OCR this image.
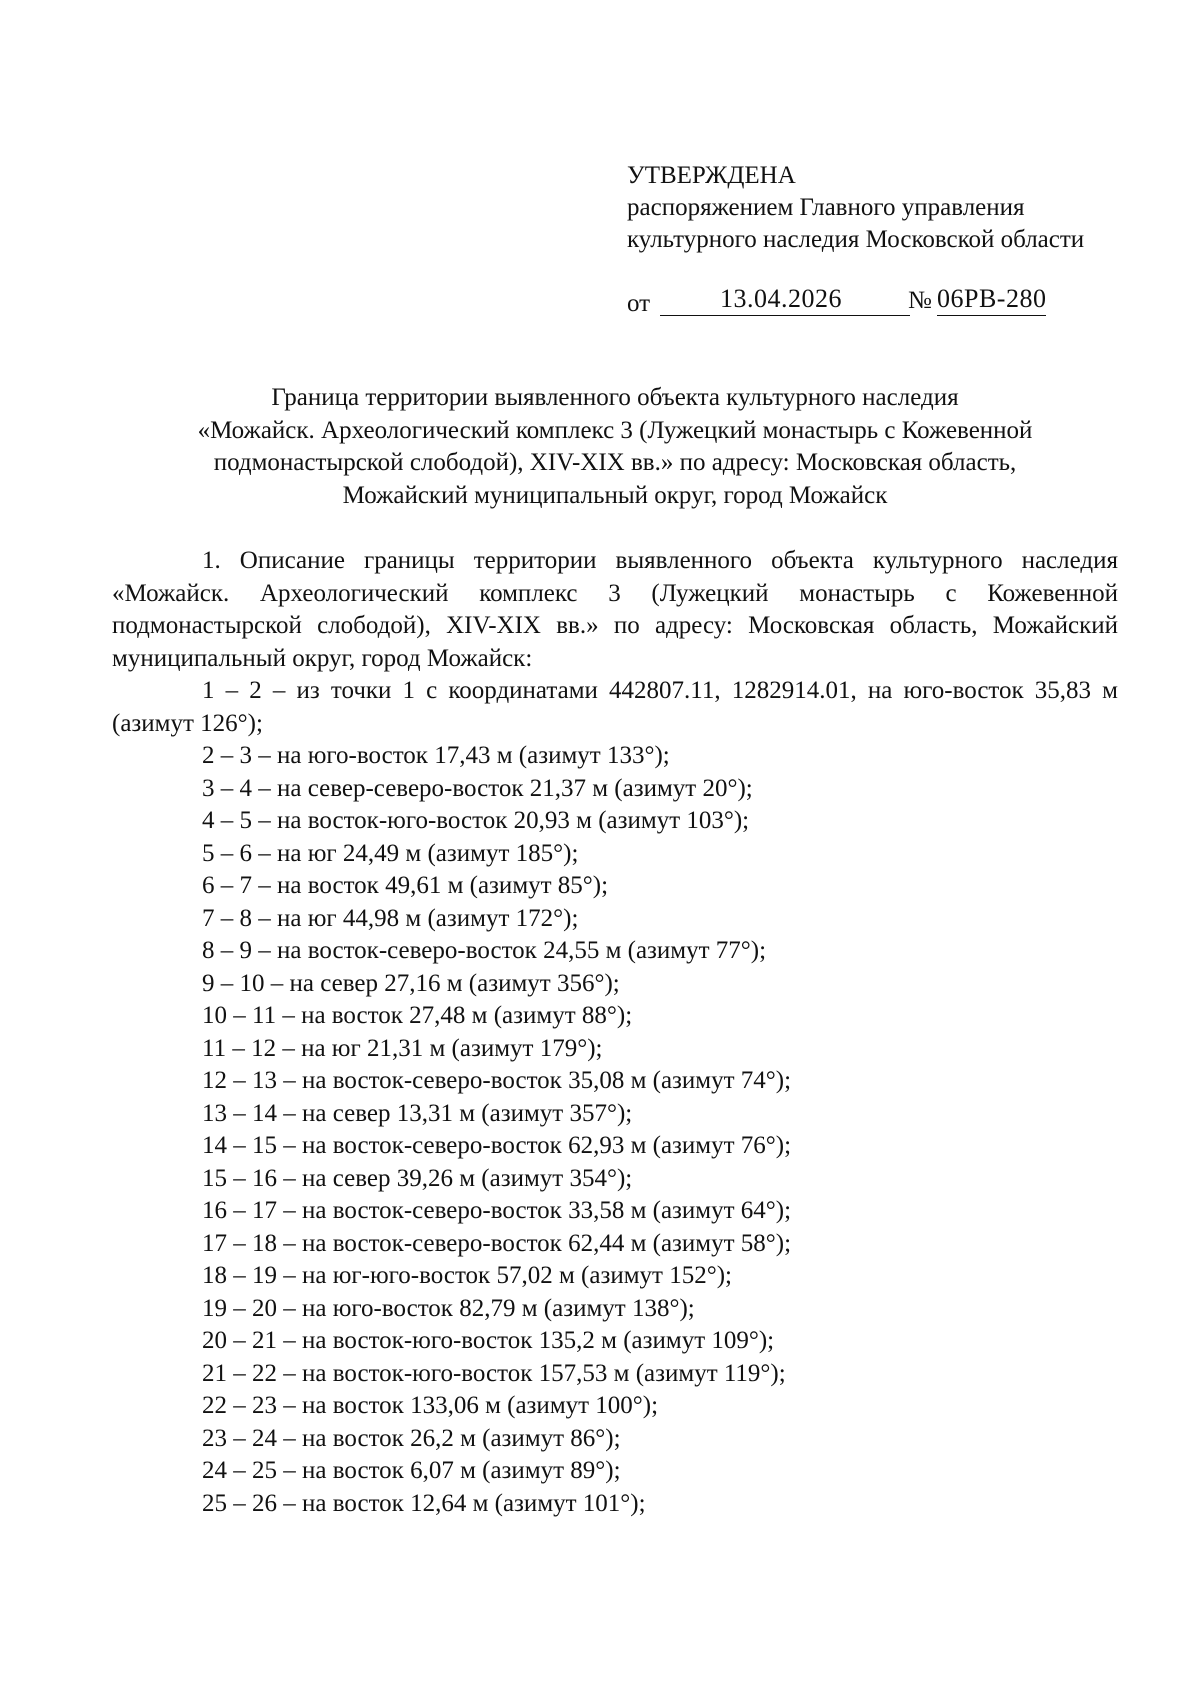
УТВЕРЖДЕНА
распоряжением Главного управления
культурного наследия Московской области
от	13.04.2026	№ 06РВ-280
Граница территории выявленного объекта культурного наследия
«Можайск. Археологический комплекс 3 (Лужецкий монастырь с Кожевенной
подмонастырской слободой), XIV-XIX вв.» по адресу: Московская область,
Можайский муниципальный округ, город Можайск

1. Описание границы территории выявленного объекта культурного наследия «Можайск. Археологический комплекс 3 (Лужецкий монастырь с Кожевенной подмонастырской слободой), XIV-XIX вв.» по адресу: Московская область, Можайский муниципальный округ, город Можайск:

1 – 2 – из точки 1 с координатами 442807.11, 1282914.01, на юго-восток 35,83 м (азимут 126°);

2 – 3 – на юго-восток 17,43 м (азимут 133°);

3 – 4 – на север-северо-восток 21,37 м (азимут 20°);

4 – 5 – на восток-юго-восток 20,93 м (азимут 103°);

5 – 6 – на юг 24,49 м (азимут 185°);

6 – 7 – на восток 49,61 м (азимут 85°);

7 – 8 – на юг 44,98 м (азимут 172°);

8 – 9 – на восток-северо-восток 24,55 м (азимут 77°);

9 – 10 – на север 27,16 м (азимут 356°);

10 – 11 – на восток 27,48 м (азимут 88°);

11 – 12 – на юг 21,31 м (азимут 179°);

12 – 13 – на восток-северо-восток 35,08 м (азимут 74°);

13 – 14 – на север 13,31 м (азимут 357°);

14 – 15 – на восток-северо-восток 62,93 м (азимут 76°);

15 – 16 – на север 39,26 м (азимут 354°);

16 – 17 – на восток-северо-восток 33,58 м (азимут 64°);

17 – 18 – на восток-северо-восток 62,44 м (азимут 58°);

18 – 19 – на юг-юго-восток 57,02 м (азимут 152°);

19 – 20 – на юго-восток 82,79 м (азимут 138°);

20 – 21 – на восток-юго-восток 135,2 м (азимут 109°);

21 – 22 – на восток-юго-восток 157,53 м (азимут 119°);

22 – 23 – на восток 133,06 м (азимут 100°);

23 – 24 – на восток 26,2 м (азимут 86°);

24 – 25 – на восток 6,07 м (азимут 89°);

25 – 26 – на восток 12,64 м (азимут 101°);
